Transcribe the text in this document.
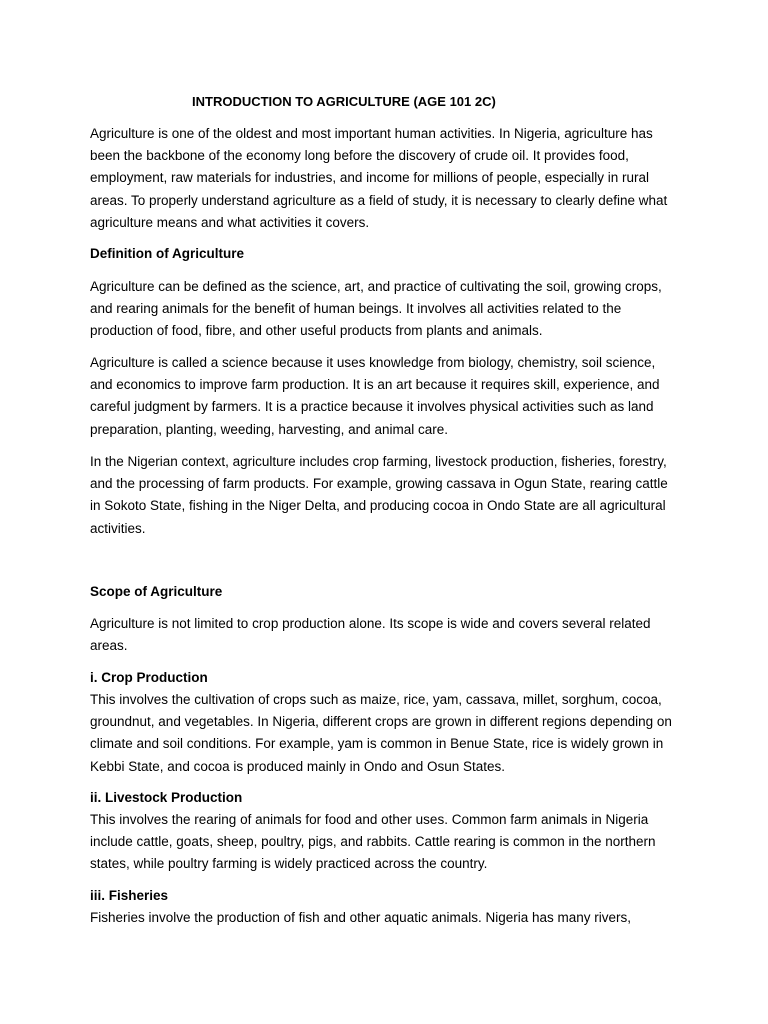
INTRODUCTION TO AGRICULTURE (AGE 101 2C)

Agriculture is one of the oldest and most important human activities. In Nigeria, agriculture has been the backbone of the economy long before the discovery of crude oil. It provides food, employment, raw materials for industries, and income for millions of people, especially in rural areas. To properly understand agriculture as a field of study, it is necessary to clearly define what agriculture means and what activities it covers.

Definition of Agriculture

Agriculture can be defined as the science, art, and practice of cultivating the soil, growing crops, and rearing animals for the benefit of human beings. It involves all activities related to the production of food, fibre, and other useful products from plants and animals.

Agriculture is called a science because it uses knowledge from biology, chemistry, soil science, and economics to improve farm production. It is an art because it requires skill, experience, and careful judgment by farmers. It is a practice because it involves physical activities such as land preparation, planting, weeding, harvesting, and animal care.

In the Nigerian context, agriculture includes crop farming, livestock production, fisheries, forestry, and the processing of farm products. For example, growing cassava in Ogun State, rearing cattle in Sokoto State, fishing in the Niger Delta, and producing cocoa in Ondo State are all agricultural activities.

Scope of Agriculture

Agriculture is not limited to crop production alone. Its scope is wide and covers several related areas.

i. Crop Production

This involves the cultivation of crops such as maize, rice, yam, cassava, millet, sorghum, cocoa, groundnut, and vegetables. In Nigeria, different crops are grown in different regions depending on climate and soil conditions. For example, yam is common in Benue State, rice is widely grown in Kebbi State, and cocoa is produced mainly in Ondo and Osun States.

ii. Livestock Production

This involves the rearing of animals for food and other uses. Common farm animals in Nigeria include cattle, goats, sheep, poultry, pigs, and rabbits. Cattle rearing is common in the northern states, while poultry farming is widely practiced across the country.

iii. Fisheries

Fisheries involve the production of fish and other aquatic animals. Nigeria has many rivers,
